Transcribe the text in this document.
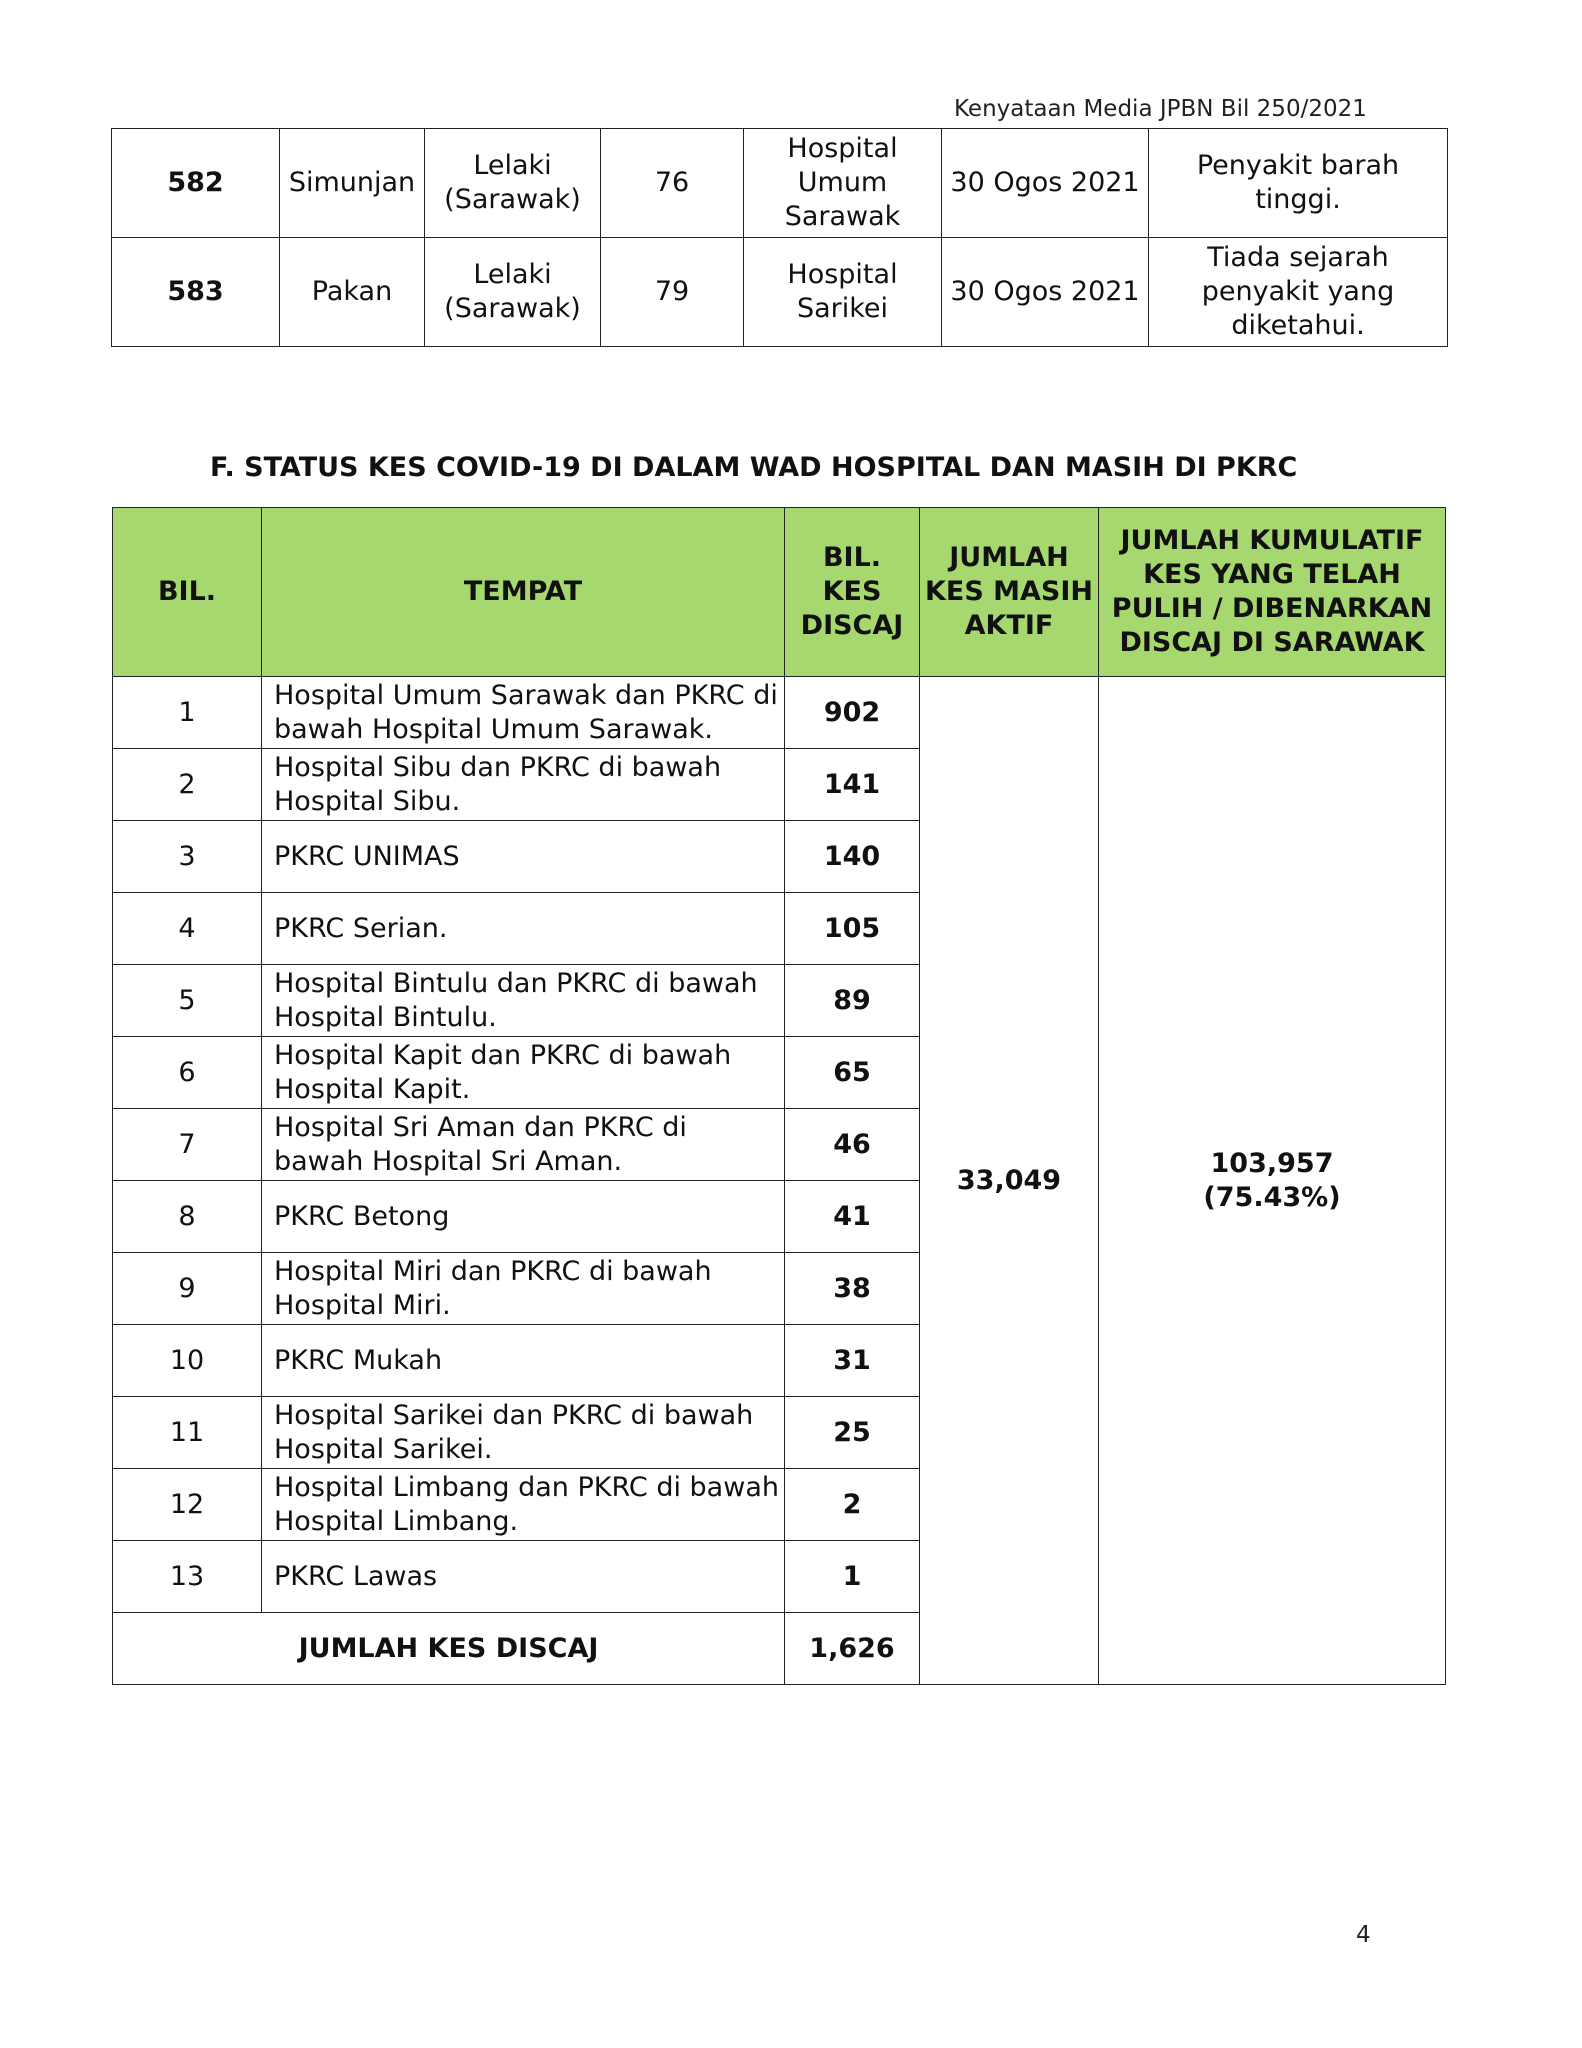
Kenyataan Media JPBN Bil 250/2021
582	Simunjan	Lelaki (Sarawak)	76	Hospital Umum Sarawak	30 Ogos 2021	Penyakit barah tinggi.
583	Pakan	Lelaki (Sarawak)	79	Hospital Sarikei	30 Ogos 2021	Tiada sejarah penyakit yang diketahui.
F. STATUS KES COVID-19 DI DALAM WAD HOSPITAL DAN MASIH DI PKRC
BIL.	TEMPAT	BIL. KES DISCAJ	JUMLAH KES MASIH AKTIF	JUMLAH KUMULATIF KES YANG TELAH PULIH / DIBENARKAN DISCAJ DI SARAWAK
1	Hospital Umum Sarawak dan PKRC di bawah Hospital Umum Sarawak.	902	33,049	103,957
(75.43%)

2	Hospital Sibu dan PKRC di bawah Hospital Sibu.	141		
3	PKRC UNIMAS	140		
4	PKRC Serian.	105		
5	Hospital Bintulu dan PKRC di bawah Hospital Bintulu.	89		
6	Hospital Kapit dan PKRC di bawah Hospital Kapit.	65		
7	Hospital Sri Aman dan PKRC di bawah Hospital Sri Aman.	46		
8	PKRC Betong	41		
9	Hospital Miri dan PKRC di bawah Hospital Miri.	38		
10	PKRC Mukah	31		
11	Hospital Sarikei dan PKRC di bawah Hospital Sarikei.	25		
12	Hospital Limbang dan PKRC di bawah Hospital Limbang.	2		
13	PKRC Lawas	1		
JUMLAH KES DISCAJ		1,626		
4
